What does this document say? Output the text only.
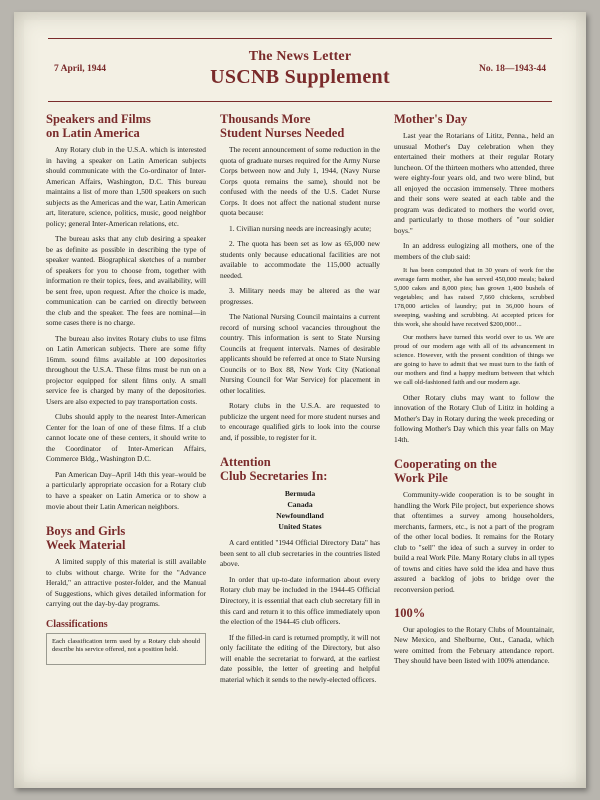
7 April, 1944
The News Letter
USCNB Supplement	No. 18—1943-44
Speakers and Films
on Latin America

Any Rotary club in the U.S.A. which is interested in having a speaker on Latin American subjects should communicate with the Co-ordinator of Inter-American Affairs, Washington, D.C. This bureau maintains a list of more than 1,500 speakers on such subjects as the Americas and the war, Latin American art, literature, science, politics, music, good neighbor policy; general Inter-American relations, etc.

The bureau asks that any club desiring a speaker be as definite as possible in describing the type of speaker wanted. Biographical sketches of a number of speakers for you to choose from, together with information re their topics, fees, and availability, will be sent free, upon request. After the choice is made, communication can be carried on directly between the club and the speaker. The fees are nominal—in some cases there is no charge.

The bureau also invites Rotary clubs to use films on Latin American subjects. There are some fifty 16mm. sound films available at 100 depositories throughout the U.S.A. These films must be run on a projector equipped for silent films only. A small service fee is charged by many of the depositories. Users are also expected to pay transportation costs.

Clubs should apply to the nearest Inter-American Center for the loan of one of these films. If a club cannot locate one of these centers, it should write to the Coordinator of Inter-American Affairs, Commerce Bldg., Washington D.C.

Pan American Day–April 14th this year–would be a particularly appropriate occasion for a Rotary club to have a speaker on Latin America or to show a movie about their Latin American neighbors.

Boys and Girls
Week Material

A limited supply of this material is still available to clubs without charge. Write for the "Advance Herald," an attractive poster-folder, and the Manual of Suggestions, which gives detailed information for carrying out the day-by-day programs.

Classifications

Each classification term used by a Rotary club should describe his service offered, not a position held.

Thousands More
Student Nurses Needed

The recent announcement of some reduction in the quota of graduate nurses required for the Army Nurse Corps between now and July 1, 1944, (Navy Nurse Corps quota remains the same), should not be confused with the needs of the U.S. Cadet Nurse Corps. It does not affect the national student nurse quota because:

1. Civilian nursing needs are increasingly acute;

2. The quota has been set as low as 65,000 new students only because educational facilities are not available to accommodate the 115,000 actually needed.

3. Military needs may be altered as the war progresses.

The National Nursing Council maintains a current record of nursing school vacancies throughout the country. This information is sent to State Nursing Councils at frequent intervals. Names of desirable applicants should be referred at once to State Nursing Councils or to Box 88, New York City (National Nursing Council for War Service) for placement in other localities.

Rotary clubs in the U.S.A. are requested to publicize the urgent need for more student nurses and to encourage qualified girls to look into the course and, if possible, to register for it.

Attention
Club Secretaries In:
Bermuda
Canada
Newfoundland
United States

A card entitled "1944 Official Directory Data" has been sent to all club secretaries in the countries listed above.

In order that up-to-date information about every Rotary club may be included in the 1944-45 Official Directory, it is essential that each club secretary fill in this card and return it to this office immediately upon the election of the 1944-45 club officers.

If the filled-in card is returned promptly, it will not only facilitate the editing of the Directory, but also will enable the secretariat to forward, at the earliest date possible, the letter of greeting and helpful material which it sends to the newly-elected officers.

Mother's Day

Last year the Rotarians of Lititz, Penna., held an unusual Mother's Day celebration when they entertained their mothers at their regular Rotary luncheon. Of the thirteen mothers who attended, three were eighty-four years old, and two were blind, but all enjoyed the occasion immensely. Three mothers and their sons were seated at each table and the program was dedicated to mothers the world over, and particularly to those mothers of "our soldier boys."

In an address eulogizing all mothers, one of the members of the club said:

It has been computed that in 30 years of work for the average farm mother, she has served 450,000 meals; baked 5,000 cakes and 8,000 pies; has grown 1,400 bushels of vegetables; and has raised 7,660 chickens, scrubbed 178,000 articles of laundry; put in 36,000 hours of sweeping, washing and scrubbing. At accepted prices for this work, she should have received $200,000!...

Our mothers have turned this world over to us. We are proud of our modern age with all of its advancement in science. However, with the present condition of things we are going to have to admit that we must turn to the faith of our mothers and find a happy medium between that which we call old-fashioned faith and our modern age.

Other Rotary clubs may want to follow the innovation of the Rotary Club of Lititz in holding a Mother's Day in Rotary during the week preceding or following Mother's Day which this year falls on May 14th.

Cooperating on the
Work Pile

Community-wide cooperation is to be sought in handling the Work Pile project, but experience shows that oftentimes a survey among householders, merchants, farmers, etc., is not a part of the program of the other local bodies. It remains for the Rotary club to "sell" the idea of such a survey in order to build a real Work Pile. Many Rotary clubs in all types of towns and cities have sold the idea and have thus assured a backlog of jobs to bridge over the reconversion period.

100%

Our apologies to the Rotary Clubs of Mountainair, New Mexico, and Shelburne, Ont., Canada, which were omitted from the February attendance report. They should have been listed with 100% attendance.
